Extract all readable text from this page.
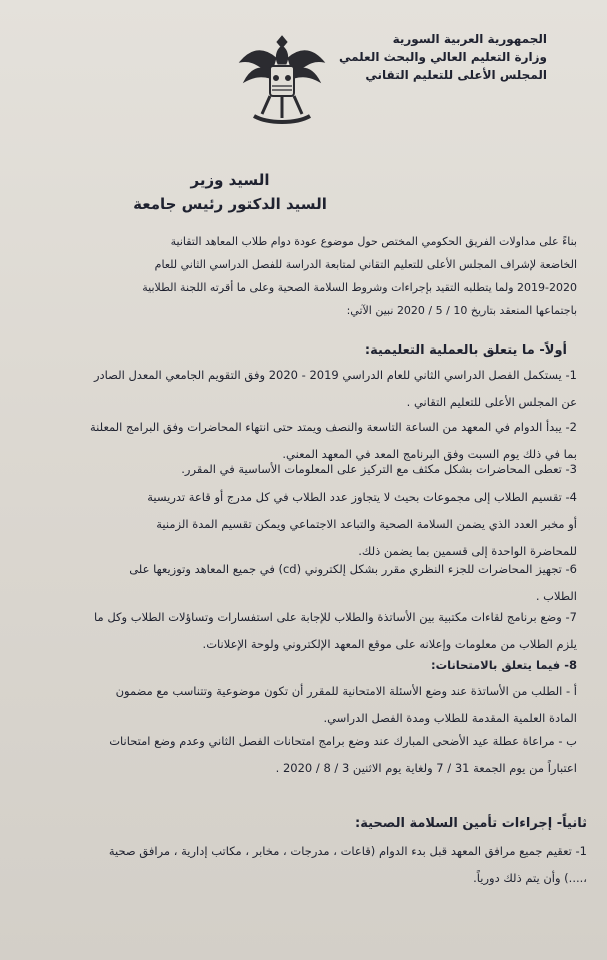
الجمهورية العربية السورية
وزارة التعليم العالي والبحث العلمي
المجلس الأعلى للتعليم التقاني
السيد وزير
السيد الدكتور رئيس جامعة

بناءً على مداولات الفريق الحكومي المختص حول موضوع عودة دوام طلاب المعاهد التقانية

الخاضعة لإشراف المجلس الأعلى للتعليم التقاني لمتابعة الدراسة للفصل الدراسي الثاني للعام

2019-2020 ولما يتطلبه التقيد بإجراءات وشروط السلامة الصحية وعلى ما أقرته اللجنة الطلابية

باجتماعها المنعقد بتاريخ 10 / 5 / 2020 نبين الآتي:

أولاً- ما يتعلق بالعملية التعليمية:

1- يستكمل الفصل الدراسي الثاني للعام الدراسي 2019 - 2020 وفق التقويم الجامعي المعدل الصادر

عن المجلس الأعلى للتعليم التقاني .

2- يبدأ الدوام في المعهد من الساعة التاسعة والنصف ويمتد حتى انتهاء المحاضرات وفق البرامج المعلنة

بما في ذلك يوم السبت وفق البرنامج المعد في المعهد المعني.

3- تعطى المحاضرات بشكل مكثف مع التركيز على المعلومات الأساسية في المقرر.

4- تقسيم الطلاب إلى مجموعات بحيث لا يتجاوز عدد الطلاب في كل مدرج أو قاعة تدريسية

أو مخبر العدد الذي يضمن السلامة الصحية والتباعد الاجتماعي ويمكن تقسيم المدة الزمنية

للمحاضرة الواحدة إلى قسمين بما يضمن ذلك.

6- تجهيز المحاضرات للجزء النظري مقرر بشكل إلكتروني (cd) في جميع المعاهد وتوزيعها على

الطلاب .

7- وضع برنامج لقاءات مكتبية بين الأساتذة والطلاب للإجابة على استفسارات وتساؤلات الطلاب وكل ما

يلزم الطلاب من معلومات وإعلانه على موقع المعهد الإلكتروني ولوحة الإعلانات.

8- فيما يتعلق بالامتحانات:

أ - الطلب من الأساتذة عند وضع الأسئلة الامتحانية للمقرر أن تكون موضوعية وتتناسب مع مضمون

المادة العلمية المقدمة للطلاب ومدة الفصل الدراسي.

ب - مراعاة عطلة عيد الأضحى المبارك عند وضع برامج امتحانات الفصل الثاني وعدم وضع امتحانات

اعتباراً من يوم الجمعة 31 / 7 ولغاية يوم الاثنين 3 / 8 / 2020 .

ثانياً- إجراءات تأمين السلامة الصحية:

1- تعقيم جميع مرافق المعهد قبل بدء الدوام (قاعات ، مدرجات ، مخابر ، مكاتب إدارية ، مرافق صحية

،....) وأن يتم ذلك دورياً.
